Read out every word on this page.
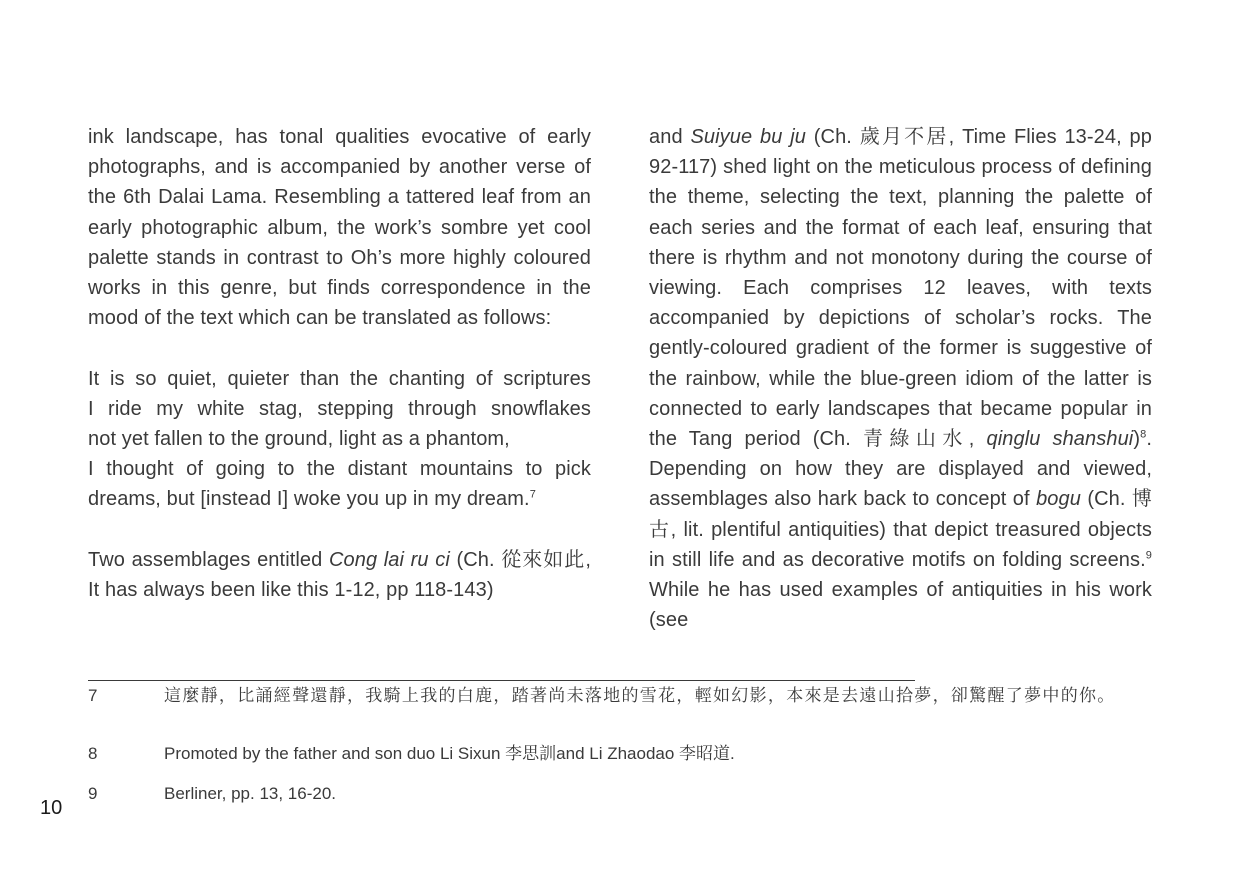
ink landscape, has tonal qualities evocative of early photographs, and is accompanied by another verse of the 6th Dalai Lama. Resembling a tattered leaf from an early photographic album, the work’s sombre yet cool palette stands in contrast to Oh’s more highly coloured works in this genre, but finds correspondence in the mood of the text which can be translated as follows:

It is so quiet, quieter than the chanting of scriptures

I ride my white stag, stepping through snowflakes

not yet fallen to the ground, light as a phantom,

I thought of going to the distant mountains to pick

dreams, but [instead I] woke you up in my dream.$^7$

Two assemblages entitled Cong lai ru ci (Ch. 從來如此, It has always been like this 1-12, pp 118-143)

and Suiyue bu ju (Ch. 歲月不居, Time Flies 13-24, pp 92-117) shed light on the meticulous process of defining the theme, selecting the text, planning the palette of each series and the format of each leaf, ensuring that there is rhythm and not monotony during the course of viewing. Each comprises 12 leaves, with texts accompanied by depictions of scholar’s rocks. The gently-coloured gradient of the former is suggestive of the rainbow, while the blue-green idiom of the latter is connected to early landscapes that became popular in the Tang period (Ch. 青綠山水, qinglu shanshui)$^8$. Depending on how they are displayed and viewed, assemblages also hark back to concept of bogu (Ch. 博古, lit. plentiful antiquities) that depict treasured objects in still life and as decorative motifs on folding screens.$^9$ While he has used examples of antiquities in his work (see

7	這麼靜，比誦經聲還靜，我騎上我的白鹿，踏著尚未落地的雪花，輕如幻影，本來是去遠山拾夢，卻驚醒了夢中的你。
8	Promoted by the father and son duo Li Sixun 李思訓and Li Zhaodao 李昭道.
9	Berliner, pp. 13, 16-20.
10
